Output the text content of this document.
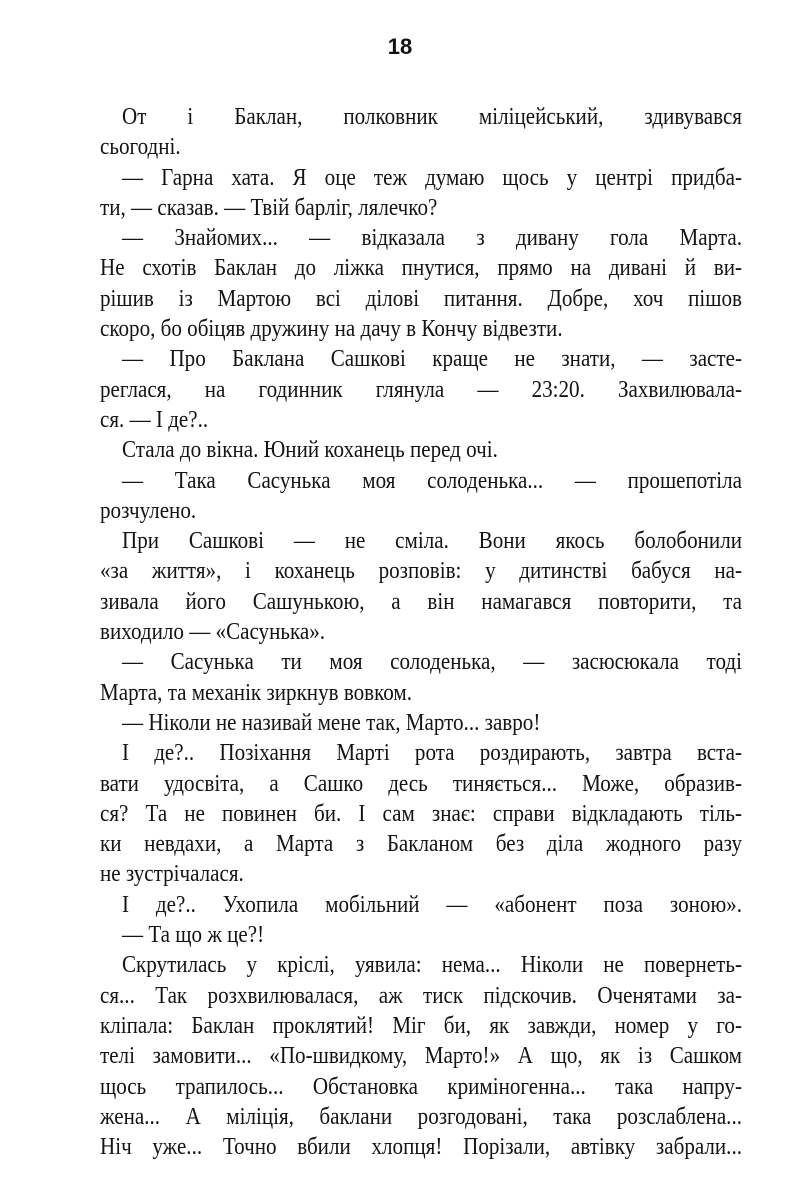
18
От і Баклан, полковник міліцейський, здивувався
сьогодні.
— Гарна хата. Я оце теж думаю щось у центрі придба-
ти, — сказав. — Твій барліг, лялечко?
— Знайомих... — відказала з дивану гола Марта.
Не схотів Баклан до ліжка пнутися, прямо на дивані й ви-
рішив із Мартою всі ділові питання. Добре, хоч пішов
скоро, бо обіцяв дружину на дачу в Кончу відвезти.
— Про Баклана Сашкові краще не знати, — засте-
реглася, на годинник глянула — 23:20. Захвилювала-
ся. — І де?..
Стала до вікна. Юний коханець перед очі.
— Така Сасунька моя солоденька... — прошепотіла
розчулено.
При Сашкові — не сміла. Вони якось болобонили
«за життя», і коханець розповів: у дитинстві бабуся на-
зивала його Сашунькою, а він намагався повторити, та
виходило — «Сасунька».
— Сасунька ти моя солоденька, — засюсюкала тоді
Марта, та механік зиркнув вовком.
— Ніколи не називай мене так, Марто... завро!
І де?.. Позіхання Марті рота роздирають, завтра вста-
вати удосвіта, а Сашко десь тиняється... Може, образив-
ся? Та не повинен би. І сам знає: справи відкладають тіль-
ки невдахи, а Марта з Бакланом без діла жодного разу
не зустрічалася.
І де?.. Ухопила мобільний — «абонент поза зоною».
— Та що ж це?!
Скрутилась у кріслі, уявила: нема... Ніколи не повернеть-
ся... Так розхвилювалася, аж тиск підскочив. Оченятами за-
кліпала: Баклан проклятий! Міг би, як завжди, номер у го-
телі замовити... «По-швидкому, Марто!» А що, як із Сашком
щось трапилось... Обстановка криміногенна... така напру-
жена... А міліція, баклани розгодовані, така розслаблена...
Ніч уже... Точно вбили хлопця! Порізали, автівку забрали...
